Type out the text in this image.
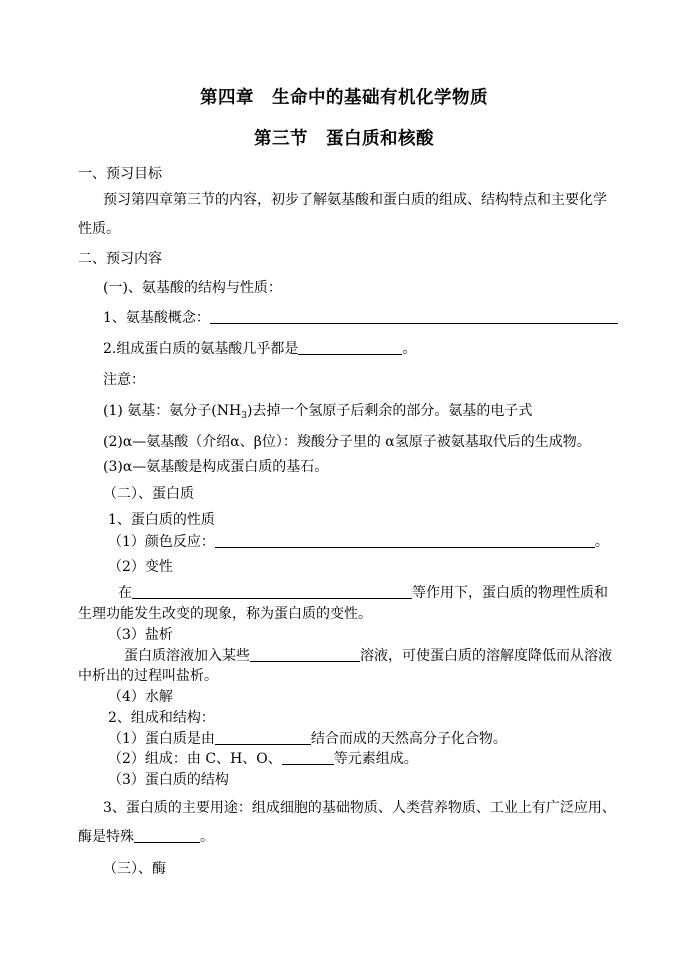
第四章　生命中的基础有机化学物质
第三节　蛋白质和核酸
一、预习目标
预习第四章第三节的内容，初步了解氨基酸和蛋白质的组成、结构特点和主要化学
性质。
二、预习内容
(一)、氨基酸的结构与性质：
1、氨基酸概念：
2.组成蛋白质的氨基酸几乎都是	。
注意：
(1) 氨基：氨分子$(NH_3)$去掉一个氢原子后剩余的部分。氨基的电子式
(2)α—氨基酸（介绍α、β位）：羧酸分子里的 α氢原子被氨基取代后的生成物。
(3)α—氨基酸是构成蛋白质的基石。
（二）、蛋白质
1、蛋白质的性质
（1）颜色反应：	。
（2）变性
在	等作用下，蛋白质的物理性质和
生理功能发生改变的现象，称为蛋白质的变性。
（3）盐析
蛋白质溶液加入某些	溶液，可使蛋白质的溶解度降低而从溶液
中析出的过程叫盐析。
（4）水解
2、组成和结构：
（1）蛋白质是由	结合而成的天然高分子化合物。
（2）组成：由 C、H、O、	等元素组成。
（3）蛋白质的结构
3、蛋白质的主要用途：组成细胞的基础物质、人类营养物质、工业上有广泛应用、
酶是特殊	。
（三）、酶
